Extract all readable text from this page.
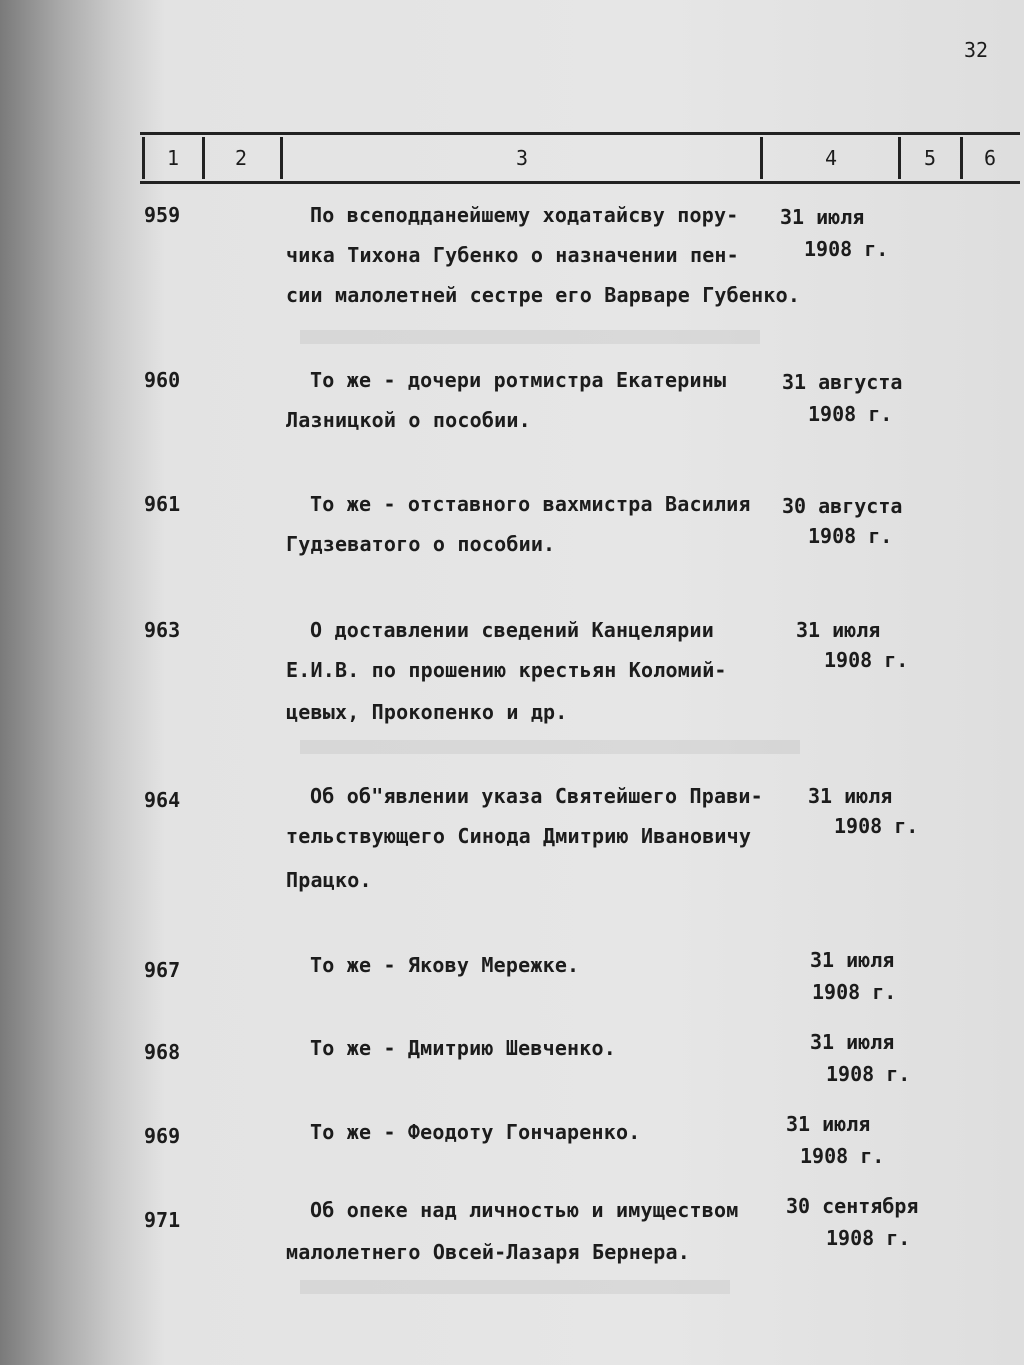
32
1	2	3	4	5	6
959	По всеподданейшему ходатайсву пору-
чика Тихона Губенко о назначении пен-
сии малолетней сестре его Варваре Губенко.
31 июля
1908 г.
960	То же - дочери ротмистра Екатерины
Лазницкой о пособии.
31 августа
1908 г.
961	То же - отставного вахмистра Василия
Гудзеватого о пособии.
30 августа
1908 г.
963	О доставлении сведений Канцелярии
Е.И.В. по прошению крестьян Коломий-
цевых, Прокопенко и др.
31 июля
1908 г.
964	Об об"явлении указа Святейшего Прави-
тельствующего Синода Дмитрию Ивановичу
Працко.
31 июля
1908 г.
967	То же - Якову Мережке.	31 июля
1908 г.
968	То же - Дмитрию Шевченко.	31 июля
1908 г.
969	То же - Феодоту Гончаренко.	31 июля
1908 г.
971	Об опеке над личностью и имуществом
малолетнего Овсей-Лазаря Бернера.
30 сентября
1908 г.
